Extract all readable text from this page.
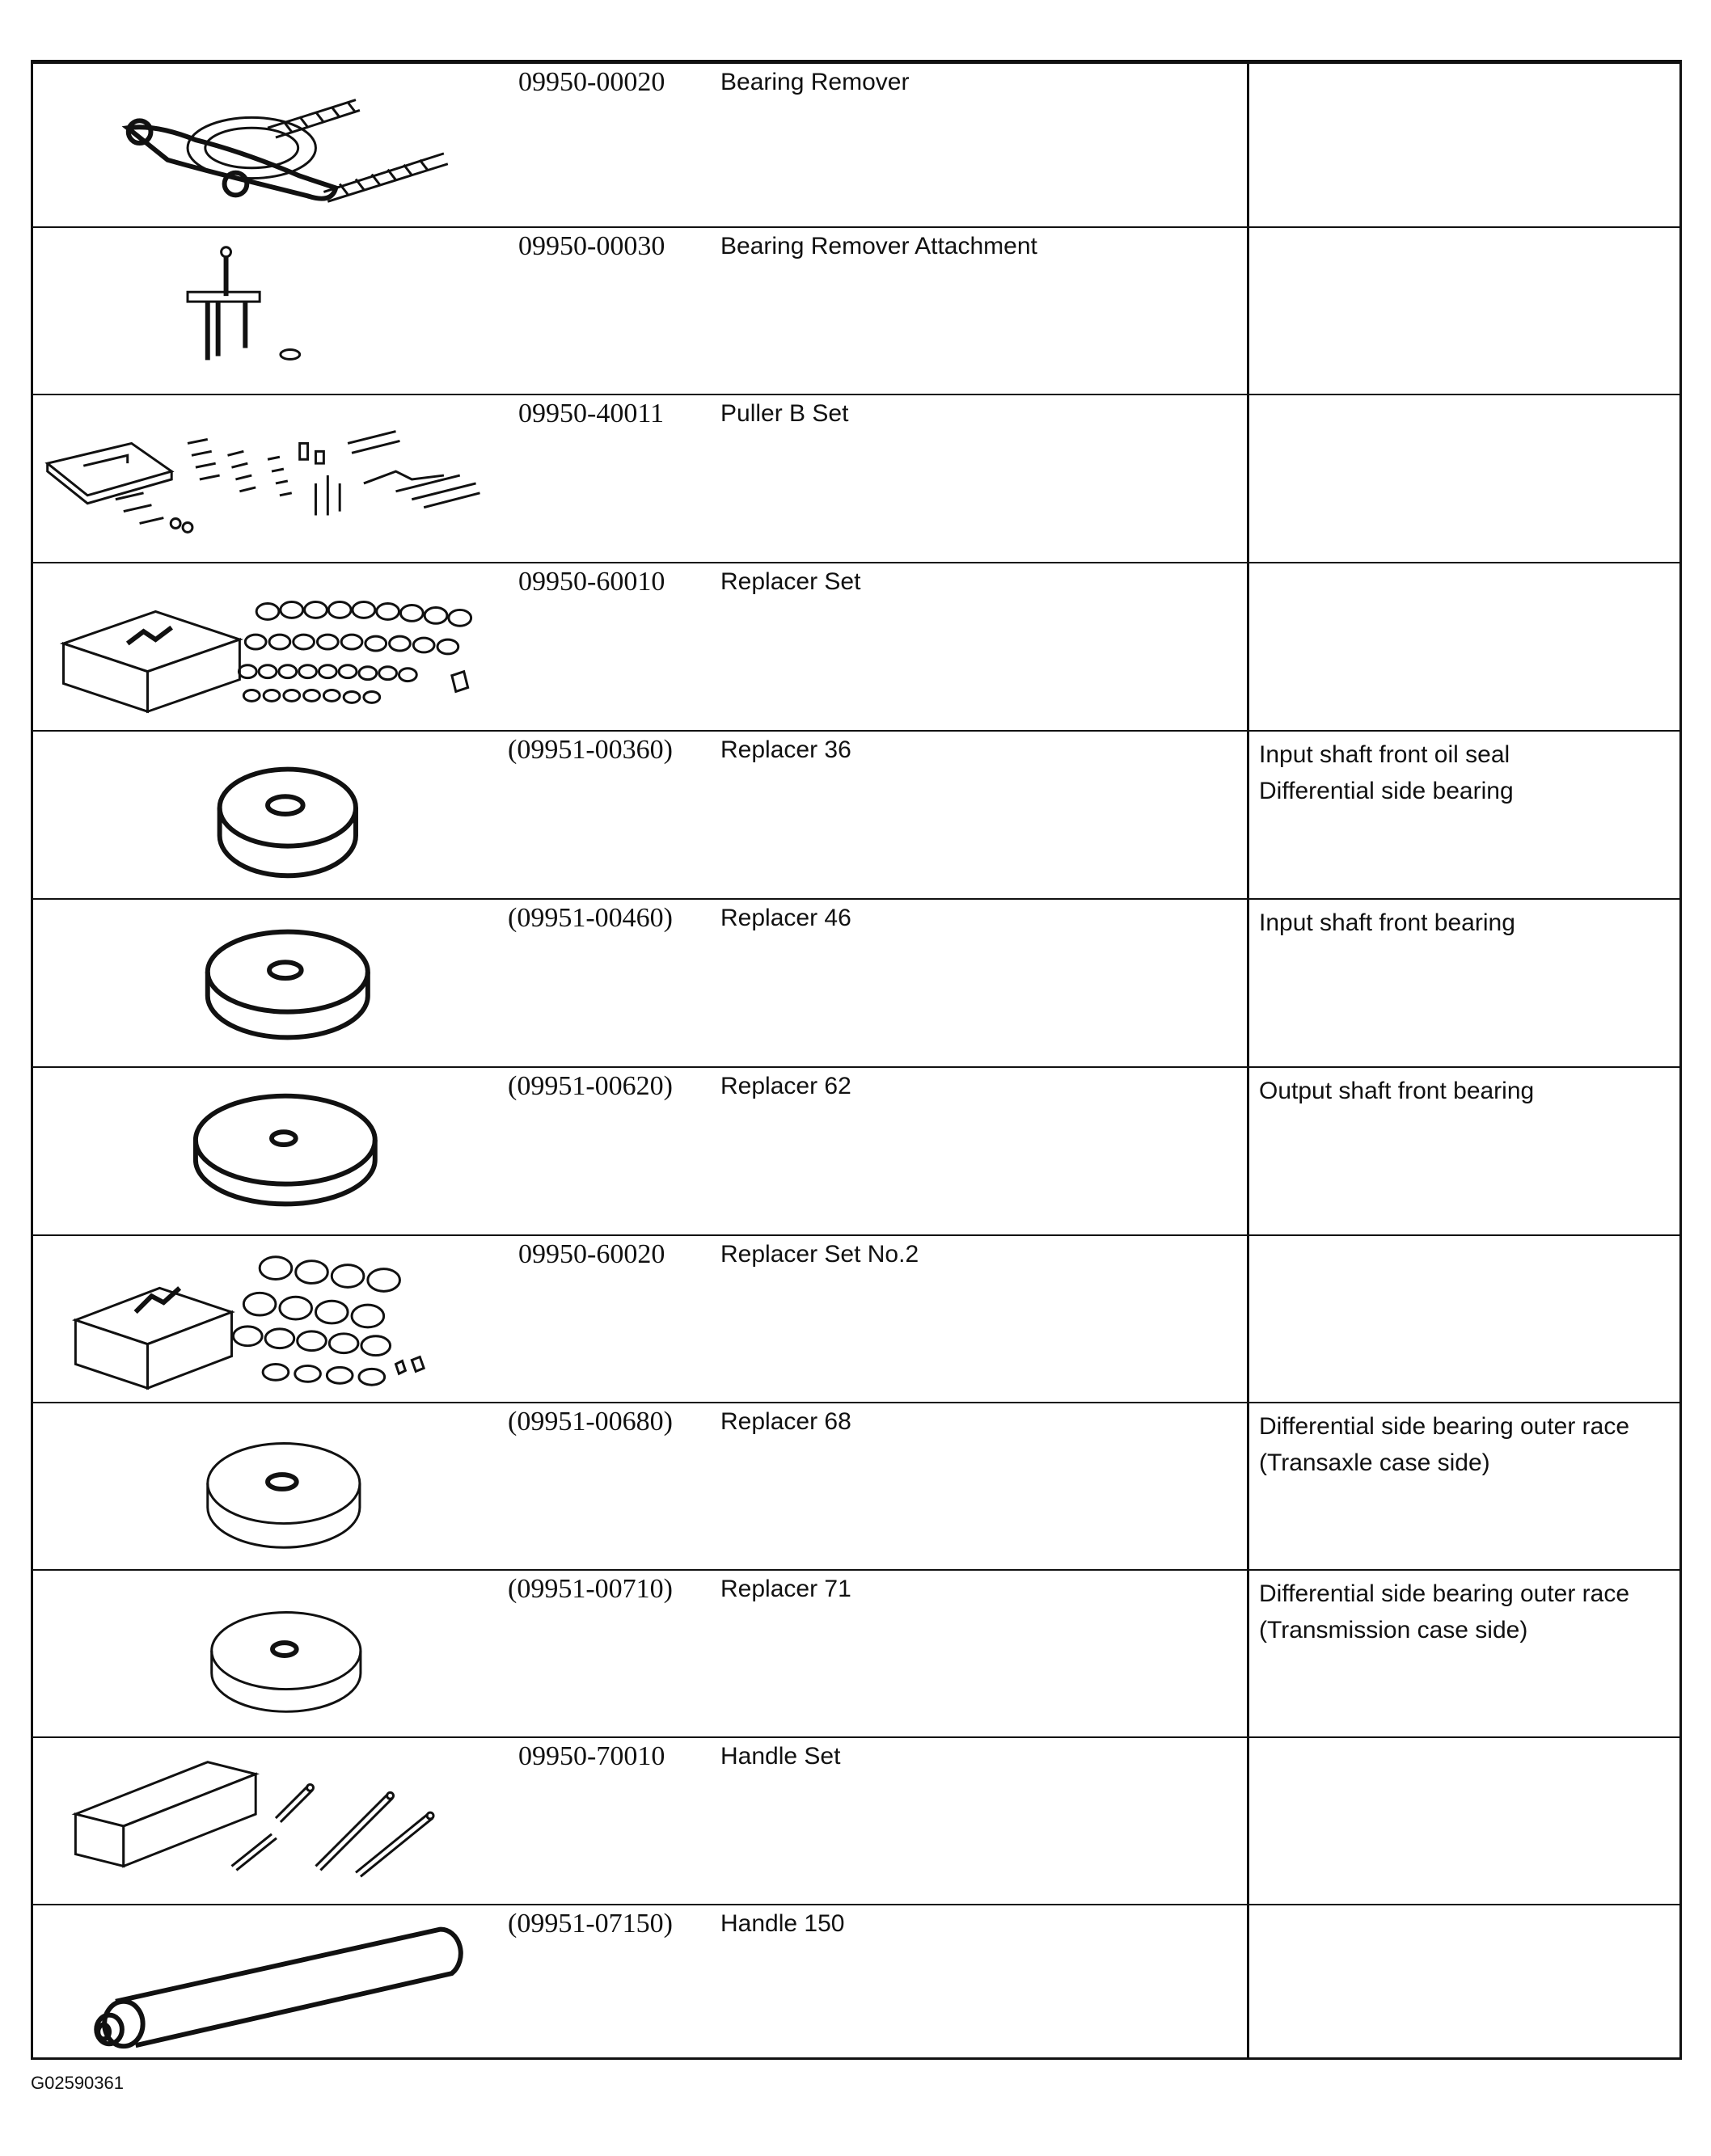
09950-00020 Bearing Remover
09950-00030 Bearing Remover Attachment
09950-40011 Puller B Set
09950-60010 Replacer Set
(09951-00360) Replacer 36	Input shaft front oil seal
Differential side bearing
(09951-00460) Replacer 46	Input shaft front bearing
(09951-00620) Replacer 62	Output shaft front bearing
09950-60020 Replacer Set No.2
(09951-00680) Replacer 68	Differential side bearing outer race
(Transaxle case side)
(09951-00710) Replacer 71	Differential side bearing outer race
(Transmission case side)
09950-70010 Handle Set
(09951-07150) Handle 150
G02590361
